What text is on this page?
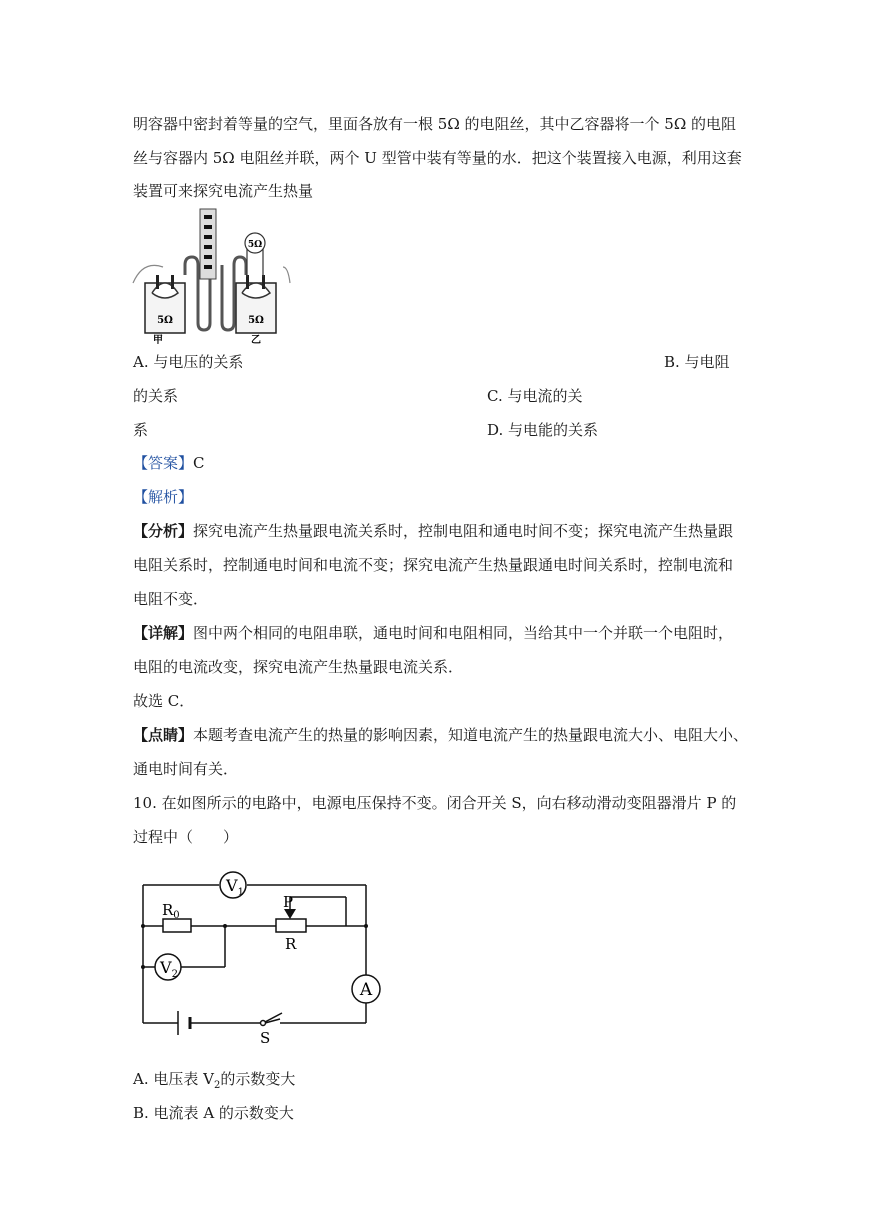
明容器中密封着等量的空气，里面各放有一根 5Ω 的电阻丝，其中乙容器将一个 5Ω 的电阻
丝与容器内 5Ω 电阻丝并联，两个 U 型管中装有等量的水．把这个装置接入电源，利用这套
装置可来探究电流产生热量
5Ω
甲
5Ω
乙
5Ω
A. 与电压的关系	B. 与电阻
的关系	C. 与电流的关
系	D. 与电能的关系
【答案】C
【解析】
【分析】探究电流产生热量跟电流关系时，控制电阻和通电时间不变；探究电流产生热量跟
电阻关系时，控制通电时间和电流不变；探究电流产生热量跟通电时间关系时，控制电流和
电阻不变．
【详解】图中两个相同的电阻串联，通电时间和电阻相同，当给其中一个并联一个电阻时，
电阻的电流改变，探究电流产生热量跟电流关系．
故选 C．
【点睛】本题考查电流产生的热量的影响因素，知道电流产生的热量跟电流大小、电阻大小、
通电时间有关．
10. 在如图所示的电路中，电源电压保持不变。闭合开关 S，向右移动滑动变阻器滑片 P 的
过程中（　　）
$V_1$
$V_2$
A
$R_0$
P
R
S
A. 电压表 $V_2$的示数变大
B. 电流表 A 的示数变大
